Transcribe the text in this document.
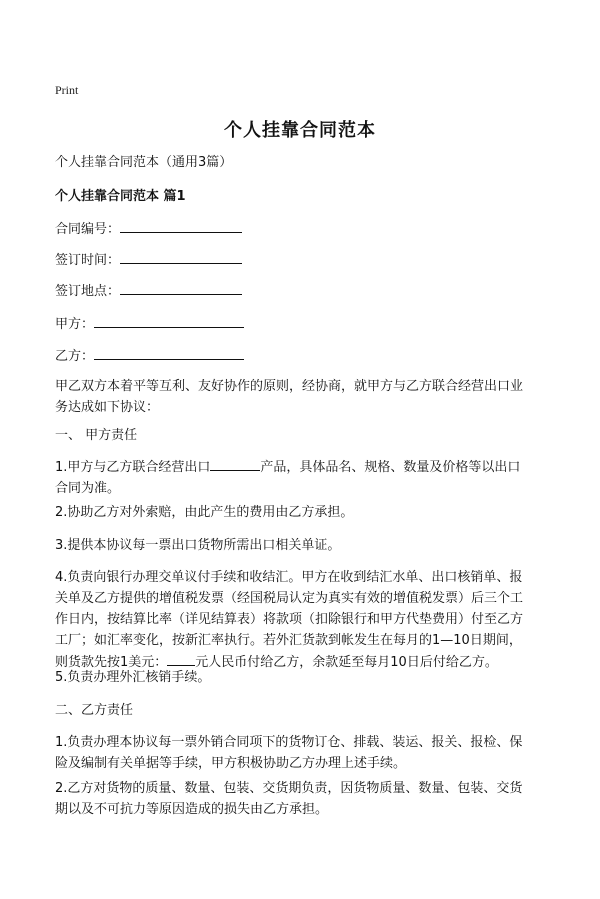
Print
个人挂靠合同范本
个人挂靠合同范本（通用3篇）
个人挂靠合同范本 篇1
合同编号：
签订时间：
签订地点：
甲方：
乙方：
甲乙双方本着平等互利、友好协作的原则，经协商，就甲方与乙方联合经营出口业
务达成如下协议：
一、 甲方责任
1.甲方与乙方联合经营出口	产品，具体品名、规格、数量及价格等以出口
合同为准。
2.协助乙方对外索赔，由此产生的费用由乙方承担。
3.提供本协议每一票出口货物所需出口相关单证。
4.负责向银行办理交单议付手续和收结汇。甲方在收到结汇水单、出口核销单、报
关单及乙方提供的增值税发票（经国税局认定为真实有效的增值税发票）后三个工
作日内，按结算比率（详见结算表）将款项（扣除银行和甲方代垫费用）付至乙方
工厂；如汇率变化，按新汇率执行。若外汇货款到帐发生在每月的1—10日期间，
则货款先按1美元： 元人民币付给乙方，余款延至每月10日后付给乙方。
5.负责办理外汇核销手续。
二、乙方责任
1.负责办理本协议每一票外销合同项下的货物订仓、排载、装运、报关、报检、保
险及编制有关单据等手续，甲方积极协助乙方办理上述手续。
2.乙方对货物的质量、数量、包装、交货期负责，因货物质量、数量、包装、交货
期以及不可抗力等原因造成的损失由乙方承担。
